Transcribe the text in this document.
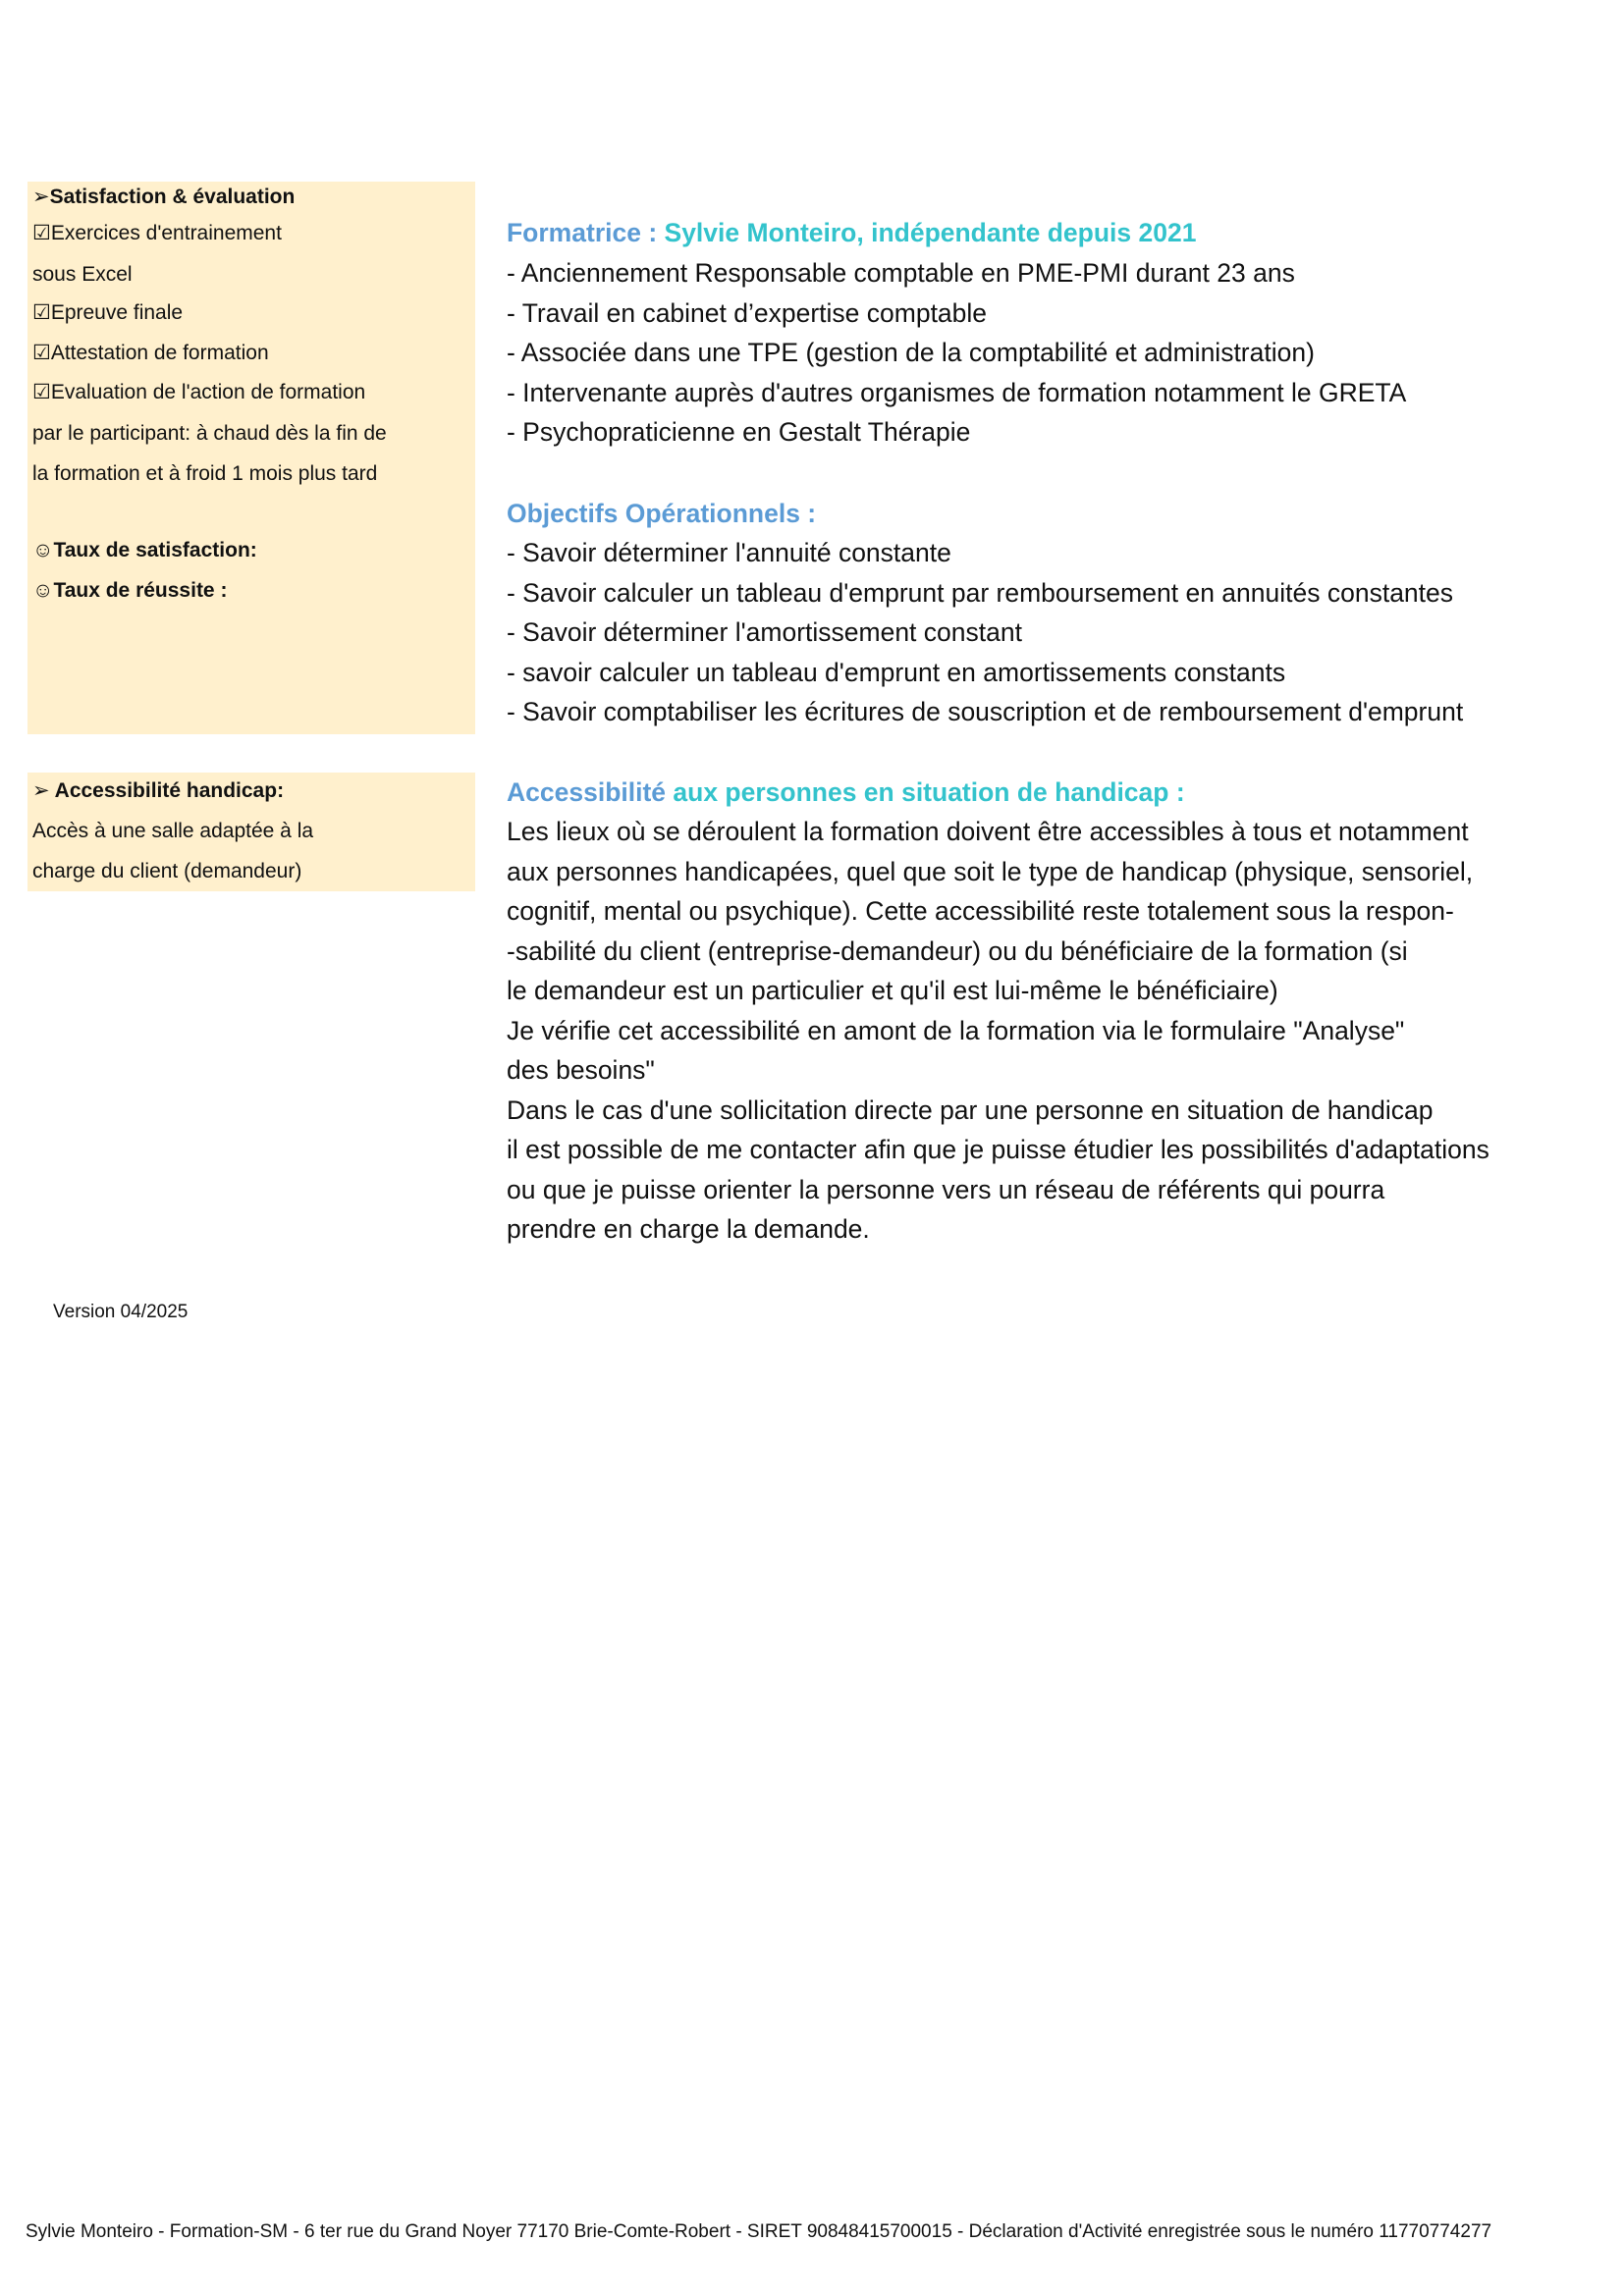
➢Satisfaction & évaluation
☑Exercices d'entrainement
sous Excel
☑Epreuve finale
☑Attestation de formation
☑Evaluation de l'action de formation
par le participant: à chaud dès la fin de
la formation et à froid 1 mois plus tard
☺Taux de satisfaction:
☺Taux de réussite :
➢ Accessibilité handicap:
Accès à une salle adaptée à la
charge du client (demandeur)
Formatrice : Sylvie Monteiro, indépendante depuis 2021
- Anciennement Responsable comptable en PME-PMI durant 23 ans
- Travail en cabinet d’expertise comptable
- Associée dans une TPE (gestion de la comptabilité et administration)
- Intervenante auprès d'autres organismes de formation notamment le GRETA
- Psychopraticienne en Gestalt Thérapie
Objectifs Opérationnels :
- Savoir déterminer l'annuité constante
- Savoir calculer un tableau d'emprunt par remboursement en annuités constantes
- Savoir déterminer l'amortissement constant
- savoir calculer un tableau d'emprunt en amortissements constants
- Savoir comptabiliser les écritures de souscription et de remboursement d'emprunt
Accessibilité aux personnes en situation de handicap :
Les lieux où se déroulent la formation doivent être accessibles à tous et notamment
aux personnes handicapées, quel que soit le type de handicap (physique, sensoriel,
cognitif, mental ou psychique). Cette accessibilité reste totalement sous la respon-
-sabilité du client (entreprise-demandeur) ou du bénéficiaire de la formation (si
le demandeur est un particulier et qu'il est lui-même le bénéficiaire)
Je vérifie cet accessibilité en amont de la formation via le formulaire "Analyse"
des besoins"
Dans le cas d'une sollicitation directe par une personne en situation de handicap
il est possible de me contacter afin que je puisse étudier les possibilités d'adaptations
ou que je puisse orienter la personne vers un réseau de référents qui pourra
prendre en charge la demande.
Version 04/2025
Sylvie Monteiro - Formation-SM - 6 ter rue du Grand Noyer 77170 Brie-Comte-Robert - SIRET 90848415700015 - Déclaration d'Activité enregistrée sous le numéro 11770774277
